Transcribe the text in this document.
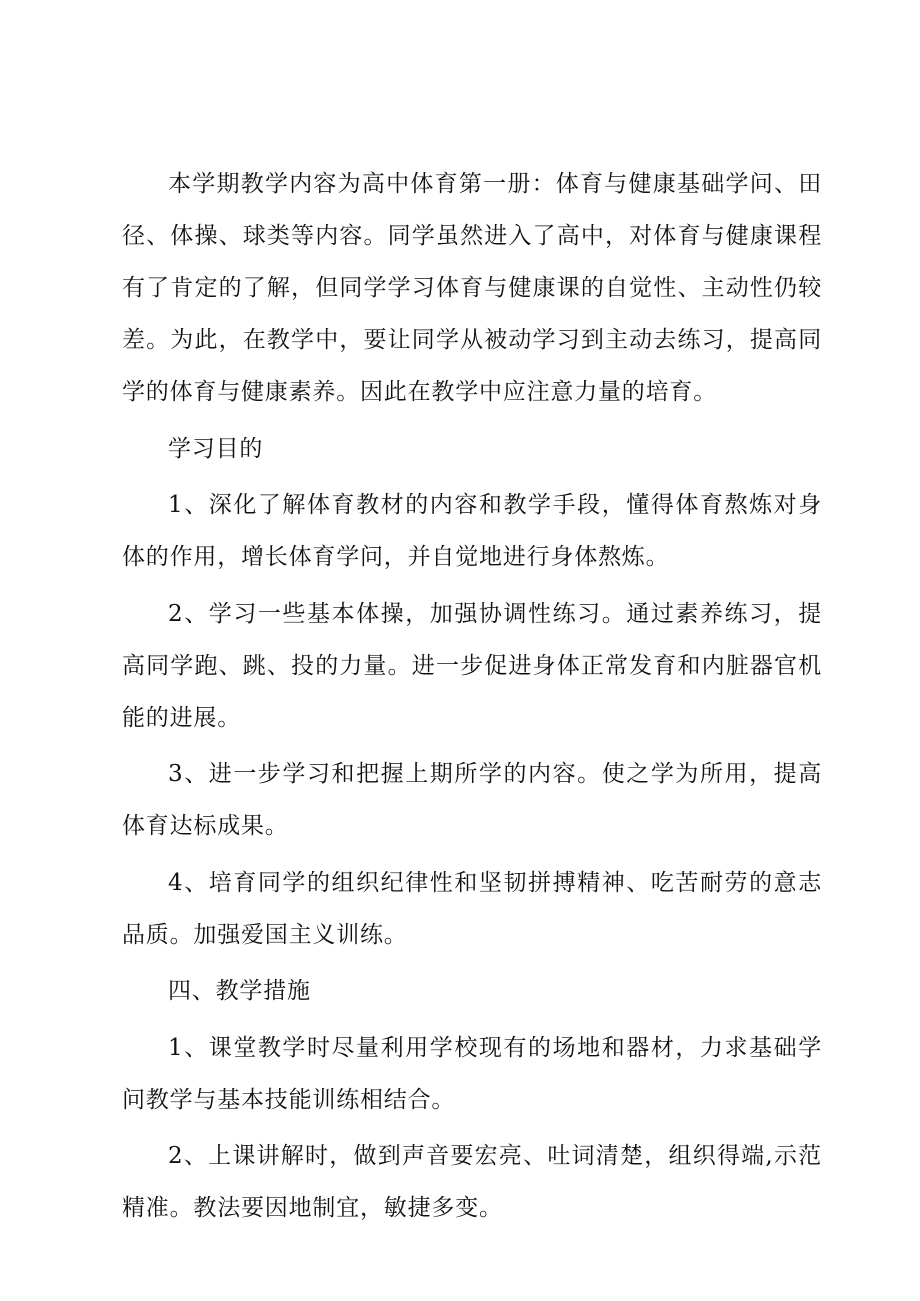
本学期教学内容为高中体育第一册：体育与健康基础学问、田径、体操、球类等内容。同学虽然进入了高中，对体育与健康课程有了肯定的了解，但同学学习体育与健康课的自觉性、主动性仍较差。为此，在教学中，要让同学从被动学习到主动去练习，提高同学的体育与健康素养。因此在教学中应注意力量的培育。

学习目的

1、深化了解体育教材的内容和教学手段，懂得体育熬炼对身体的作用，增长体育学问，并自觉地进行身体熬炼。

2、学习一些基本体操，加强协调性练习。通过素养练习，提高同学跑、跳、投的力量。进一步促进身体正常发育和内脏器官机能的进展。

3、进一步学习和把握上期所学的内容。使之学为所用，提高体育达标成果。

4、培育同学的组织纪律性和坚韧拼搏精神、吃苦耐劳的意志品质。加强爱国主义训练。

四、教学措施

1、课堂教学时尽量利用学校现有的场地和器材，力求基础学问教学与基本技能训练相结合。

2、上课讲解时，做到声音要宏亮、吐词清楚，组织得端,示范精准。教法要因地制宜，敏捷多变。
